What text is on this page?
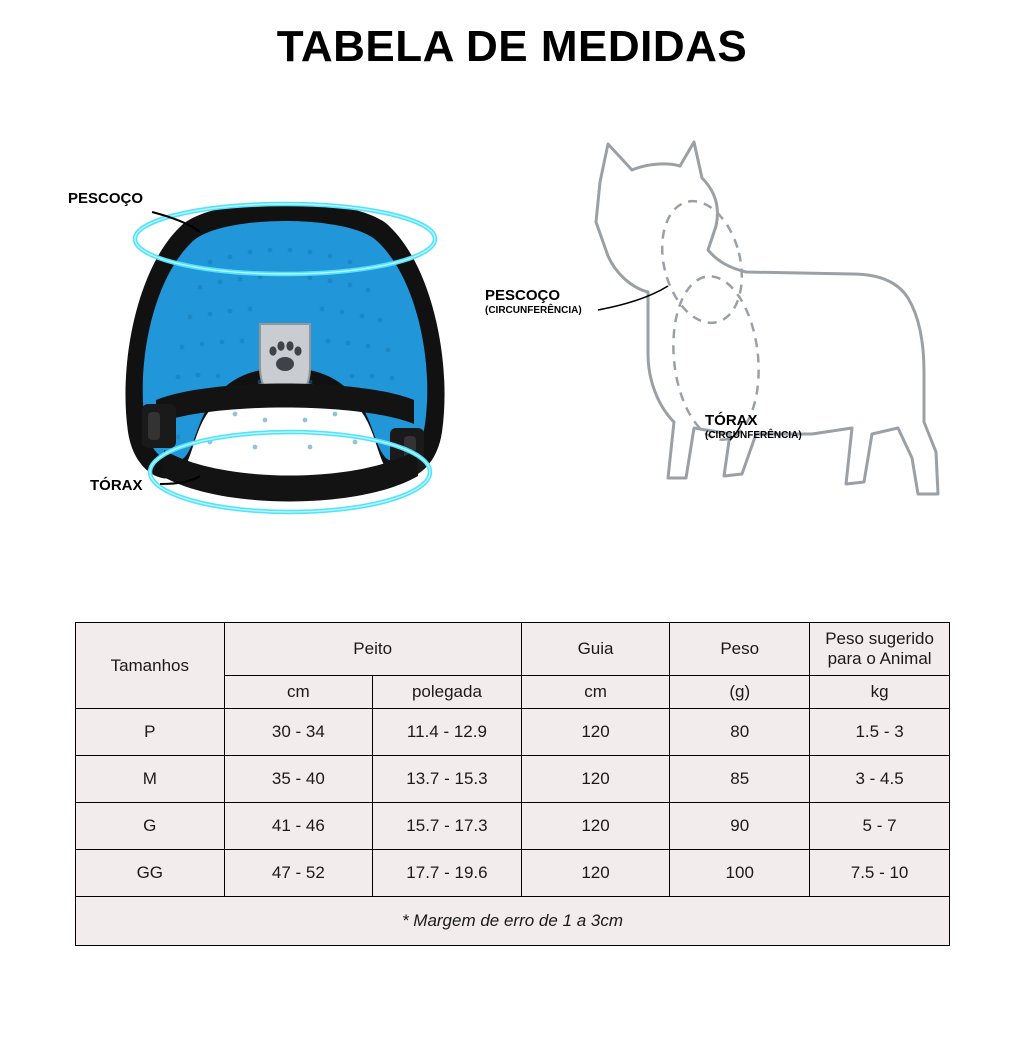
TABELA DE MEDIDAS
PESCOÇO
TÓRAX
PESCOÇO
(CIRCUNFERÊNCIA)
TÓRAX
(CIRCUNFERÊNCIA)
Tamanhos	Peito		Guia	Peso	Peso sugerido
para o Animal

	cm	polegada	cm	(g)	kg
P	30 - 34	11.4 - 12.9	120	80	1.5 - 3
M	35 - 40	13.7 - 15.3	120	85	3 - 4.5
G	41 - 46	15.7 - 17.3	120	90	5 - 7
GG	47 - 52	17.7 - 19.6	120	100	7.5 - 10
* Margem de erro de 1 a 3cm					
